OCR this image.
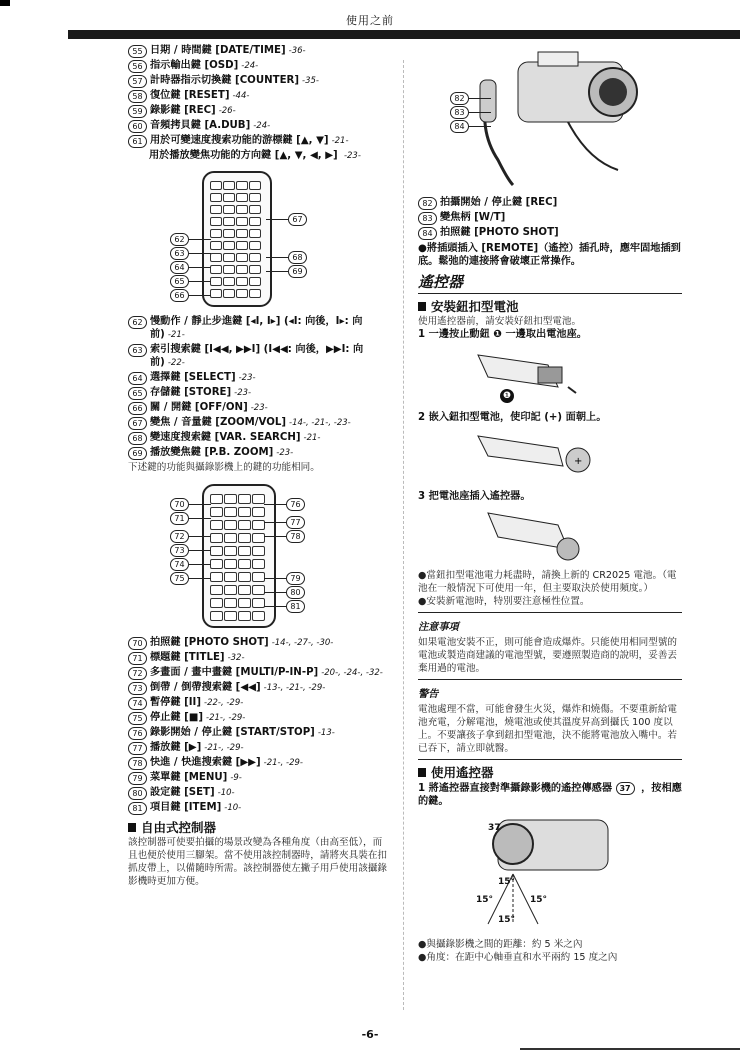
使用之前
55 日期 / 時間鍵 [DATE/TIME] -36-
56 指示輸出鍵 [OSD] -24-
57 計時器指示切換鍵 [COUNTER] -35-
58 復位鍵 [RESET] -44-
59 錄影鍵 [REC] -26-
60 音頻拷貝鍵 [A.DUB] -24-
61 用於可變速度搜索功能的游標鍵 [▲, ▼] -21-
用於播放變焦功能的方向鍵 [▲, ▼, ◀, ▶] -23-
62
63
64
65
66
67
68
69
62 慢動作 / 靜止步進鍵 [◂I, I▸] (◂I: 向後，I▸: 向前) -21-
63 索引搜索鍵 [I◀◀, ▶▶I] (I◀◀: 向後，▶▶I: 向前) -22-
64 選擇鍵 [SELECT] -23-
65 存儲鍵 [STORE] -23-
66 關 / 開鍵 [OFF/ON] -23-
67 變焦 / 音量鍵 [ZOOM/VOL] -14-, -21-, -23-
68 變速度搜索鍵 [VAR. SEARCH] -21-
69 播放變焦鍵 [P.B. ZOOM] -23-
下述鍵的功能與攝錄影機上的鍵的功能相同。
70
71
72
73
74
75
76
77
78
79
80
81
70 拍照鍵 [PHOTO SHOT] -14-, -27-, -30-
71 標題鍵 [TITLE] -32-
72 多畫面 / 畫中畫鍵 [MULTI/P-IN-P] -20-, -24-, -32-
73 倒帶 / 倒帶搜索鍵 [◀◀] -13-, -21-, -29-
74 暫停鍵 [II] -22-, -29-
75 停止鍵 [■] -21-, -29-
76 錄影開始 / 停止鍵 [START/STOP] -13-
77 播放鍵 [▶] -21-, -29-
78 快進 / 快進搜索鍵 [▶▶] -21-, -29-
79 菜單鍵 [MENU] -9-
80 設定鍵 [SET] -10-
81 項目鍵 [ITEM] -10-
自由式控制器
該控制器可使要拍攝的場景改變為各種角度（由高至低），而且也便於使用三腳架。當不使用該控制器時，請將夾具裝在扣抓皮帶上，以備隨時所需。該控制器使左撇子用戶使用該攝錄影機時更加方便。
82
83
84
82 拍攝開始 / 停止鍵 [REC]
83 變焦柄 [W/T]
84 拍照鍵 [PHOTO SHOT]
●將插頭插入 [REMOTE]（遙控）插孔時，應牢固地插到底。鬆弛的連接將會破壞正常操作。
遙控器
安裝鈕扣型電池
使用遙控器前，請安裝好鈕扣型電池。
1 一邊按止動鈕 ❶ 一邊取出電池座。
❶
2 嵌入鈕扣型電池，使印記 (+) 面朝上。
+
3 把電池座插入遙控器。
●當鈕扣型電池電力耗盡時，請換上新的 CR2025 電池。（電池在一般情況下可使用一年，但主要取決於使用頻度。）
●安裝新電池時，特別要注意極性位置。
注意事項
如果電池安裝不正，則可能會造成爆炸。只能使用相同型號的電池或製造商建議的電池型號，要遵照製造商的說明，妥善丟棄用過的電池。
警告
電池處理不當，可能會發生火災，爆炸和燒傷。不要重新給電池充電，分解電池，燒電池或使其溫度昇高到攝氏 100 度以上。不要讓孩子拿到鈕扣型電池，決不能將電池放入嘴中。若已吞下，請立即就醫。
使用遙控器
1 將遙控器直接對準攝錄影機的遙控傳感器 37 ，按相應的鍵。
37
15°
15°	15°
15°
●與攝錄影機之間的距離：約 5 米之內
●角度：在距中心軸垂直和水平兩約 15 度之內
-6-
